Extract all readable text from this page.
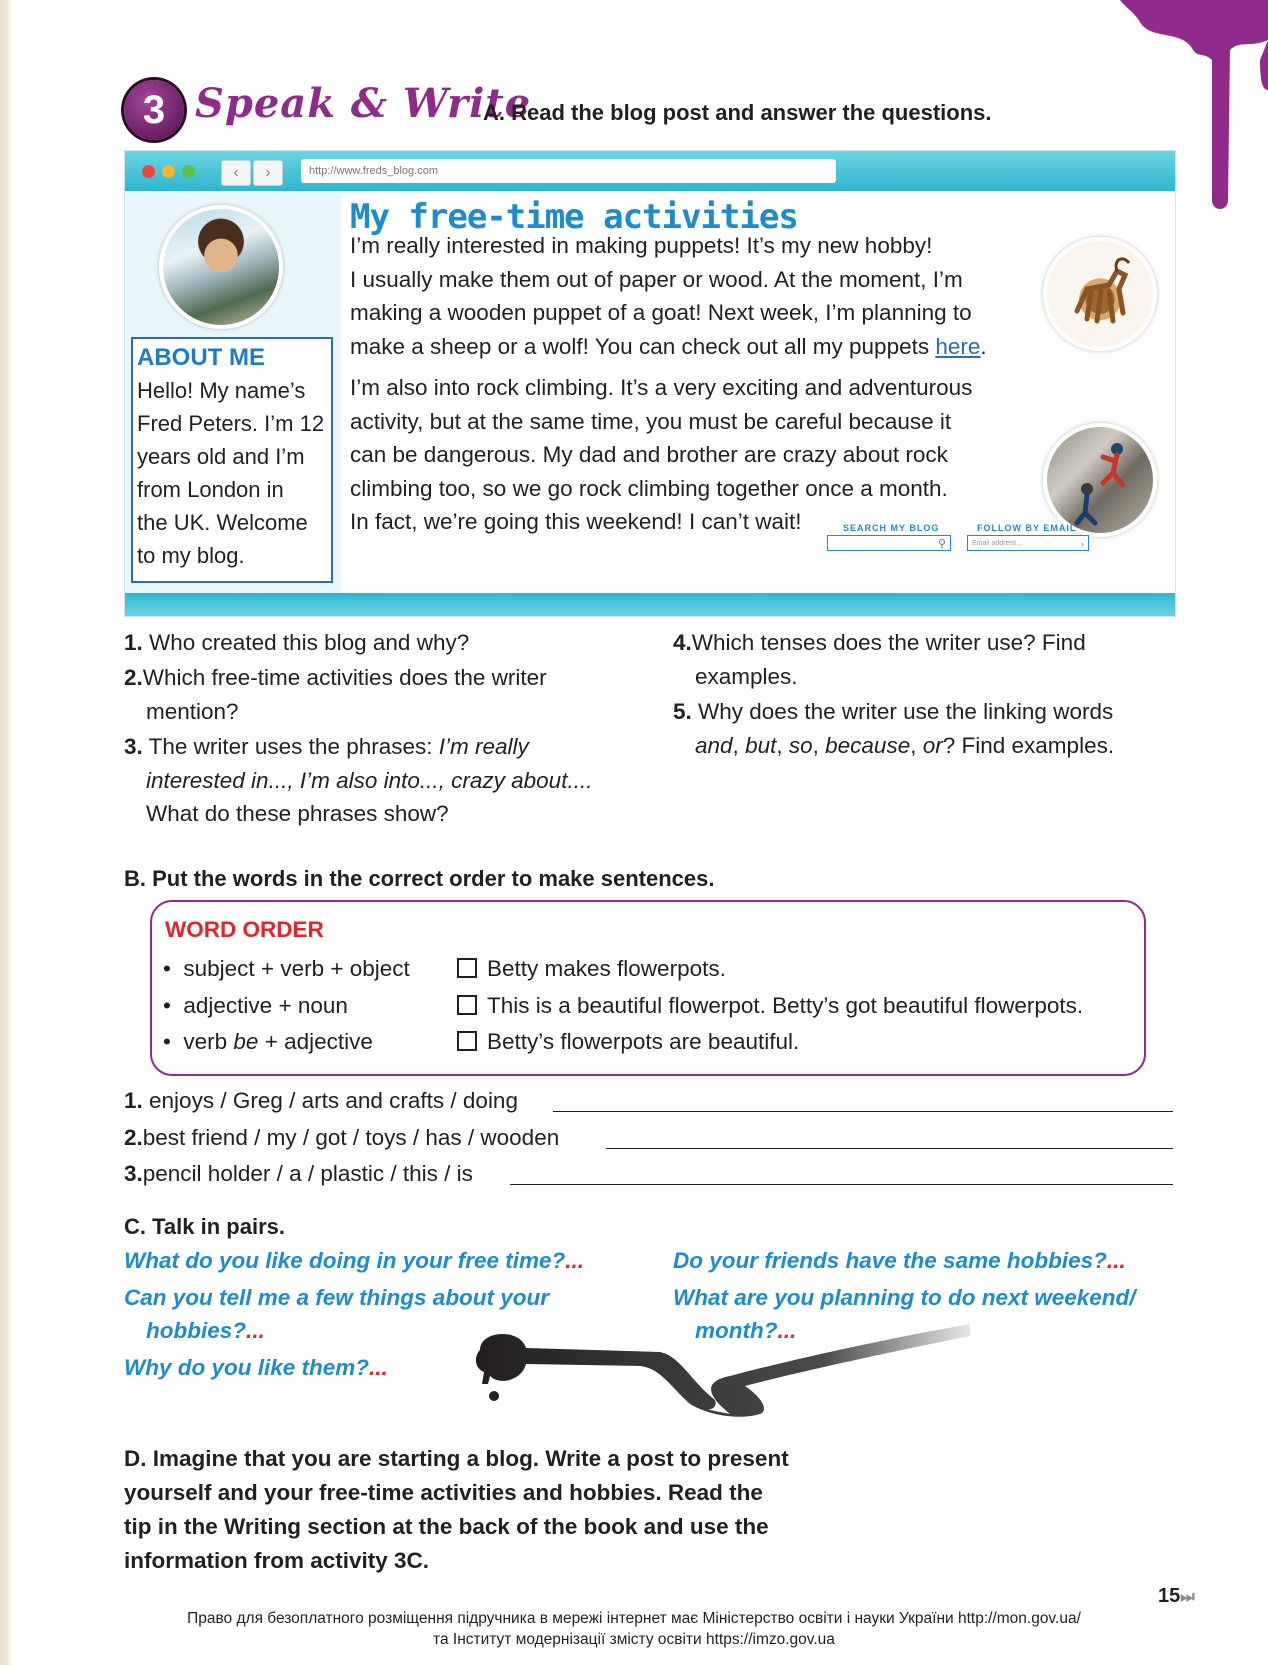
3 Speak & Write
A. Read the blog post and answer the questions.
‹	›	http://www.freds_blog.com
ABOUT ME
Hello! My name’s
Fred Peters. I’m 12
years old and I’m
from London in
the UK. Welcome
to my blog.
My free-time activities
I’m really interested in making puppets! It’s my new hobby!
I usually make them out of paper or wood. At the moment, I’m
making a wooden puppet of a goat! Next week, I’m planning to
make a sheep or a wolf! You can check out all my puppets here.
I’m also into rock climbing. It’s a very exciting and adventurous
activity, but at the same time, you must be careful because it
can be dangerous. My dad and brother are crazy about rock
climbing too, so we go rock climbing together once a month.
In fact, we’re going this weekend! I can’t wait!	SEARCH MY BLOG
⚲
FOLLOW BY EMAIL
Email address...	›
1. Who created this blog and why?
2.Which free-time activities does the writer
mention?
3. The writer uses the phrases: I’m really
interested in..., I’m also into..., crazy about....
What do these phrases show?
4.Which tenses does the writer use? Find
examples.
5. Why does the writer use the linking words
and, but, so, because, or? Find examples.
B. Put the words in the correct order to make sentences.
WORD ORDER
•  subject + verb + object
•  adjective + noun
•  verb be + adjective
Betty makes flowerpots.
This is a beautiful flowerpot. Betty’s got beautiful flowerpots.
Betty’s flowerpots are beautiful.
1. enjoys / Greg / arts and crafts / doing
2.best friend / my / got / toys / has / wooden
3.pencil holder / a / plastic / this / is
C. Talk in pairs.
What do you like doing in your free time?...
Can you tell me a few things about your
hobbies?...
Why do you like them?...
Do your friends have the same hobbies?...
What are you planning to do next weekend/
month?...
D. Imagine that you are starting a blog. Write a post to present
yourself and your free-time activities and hobbies. Read the
tip in the Writing section at the back of the book and use the
information from activity 3C.
15⏭
Право для безоплатного розміщення підручника в мережі інтернет має Міністерство освіти і науки України http://mon.gov.ua/
та Інститут модернізації змісту освіти https://imzo.gov.ua
